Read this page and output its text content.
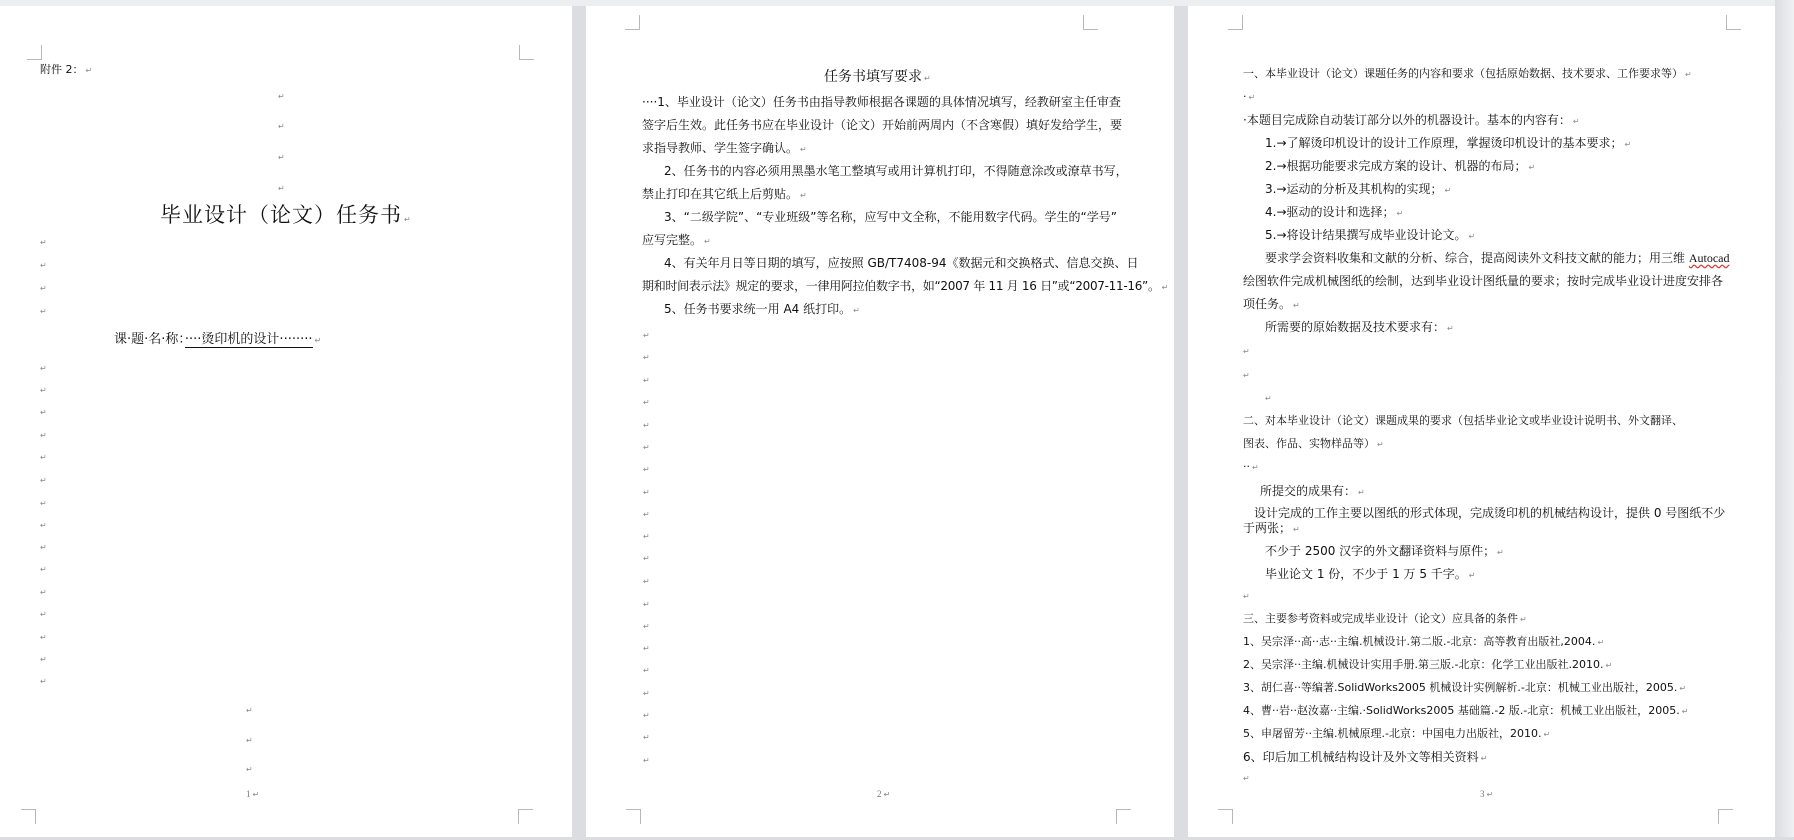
附件 2： ↵
↵
↵
↵
↵
毕业设计（论文）任务书 ↵
↵
↵
↵
↵
课·题·名·称：····烫印机的设计········ ↵
↵
↵
↵
↵
↵
↵
↵
↵
↵
↵
↵
↵
↵
↵
↵
↵
↵
↵
1 ↵
任务书填写要求 ↵
····1、毕业设计（论文）任务书由指导教师根据各课题的具体情况填写，经教研室主任审查
签字后生效。此任务书应在毕业设计（论文）开始前两周内（不含寒假）填好发给学生，要
求指导教师、学生签字确认。 ↵
2、任务书的内容必须用黑墨水笔工整填写或用计算机打印，不得随意涂改或潦草书写，
禁止打印在其它纸上后剪贴。 ↵
3、“二级学院”、“专业班级”等名称，应写中文全称，不能用数字代码。学生的“学号”
应写完整。 ↵
4、有关年月日等日期的填写，应按照 GB/T7408-94《数据元和交换格式、信息交换、日
期和时间表示法》规定的要求，一律用阿拉伯数字书，如“2007 年 11 月 16 日”或“2007-11-16”。 ↵
5、任务书要求统一用 A4 纸打印。 ↵
↵
↵
↵
↵
↵
↵
↵
↵
↵
↵
↵
↵
↵
↵
↵
↵
↵
↵
↵
↵
2 ↵
一、本毕业设计（论文）课题任务的内容和要求（包括原始数据、技术要求、工作要求等） ↵
· ↵
·本题目完成除自动装订部分以外的机器设计。基本的内容有： ↵
1.→了解烫印机设计的设计工作原理，掌握烫印机设计的基本要求； ↵
2.→根据功能要求完成方案的设计、机器的布局； ↵
3.→运动的分析及其机构的实现； ↵
4.→驱动的设计和选择； ↵
5.→将设计结果撰写成毕业设计论文。 ↵
要求学会资料收集和文献的分析、综合，提高阅读外文科技文献的能力；用三维 Autocad
绘图软件完成机械图纸的绘制，达到毕业设计图纸量的要求；按时完成毕业设计进度安排各
项任务。 ↵
所需要的原始数据及技术要求有： ↵
↵
↵
↵
二、对本毕业设计（论文）课题成果的要求（包括毕业论文或毕业设计说明书、外文翻译、
图表、作品、实物样品等） ↵
·· ↵
所提交的成果有： ↵
设计完成的工作主要以图纸的形式体现，完成烫印机的机械结构设计，提供 0 号图纸不少
于两张； ↵
不少于 2500 汉字的外文翻译资料与原件； ↵
毕业论文 1 份，不少于 1 万 5 千字。 ↵
↵
三、主要参考资料或完成毕业设计（论文）应具备的条件 ↵
1、吴宗泽··高··志··主编.机械设计.第二版.-北京：高等教育出版社,2004. ↵
2、吴宗泽··主编.机械设计实用手册.第三版.-北京：化学工业出版社.2010. ↵
3、胡仁喜··等编著.SolidWorks2005 机械设计实例解析.-北京：机械工业出版社，2005. ↵
4、曹··岩··赵汝嘉··主编.·SolidWorks2005 基础篇.-2 版.-北京：机械工业出版社，2005. ↵
5、申屠留芳··主编.机械原理.-北京：中国电力出版社，2010. ↵
6、印后加工机械结构设计及外文等相关资料 ↵
↵
3 ↵
